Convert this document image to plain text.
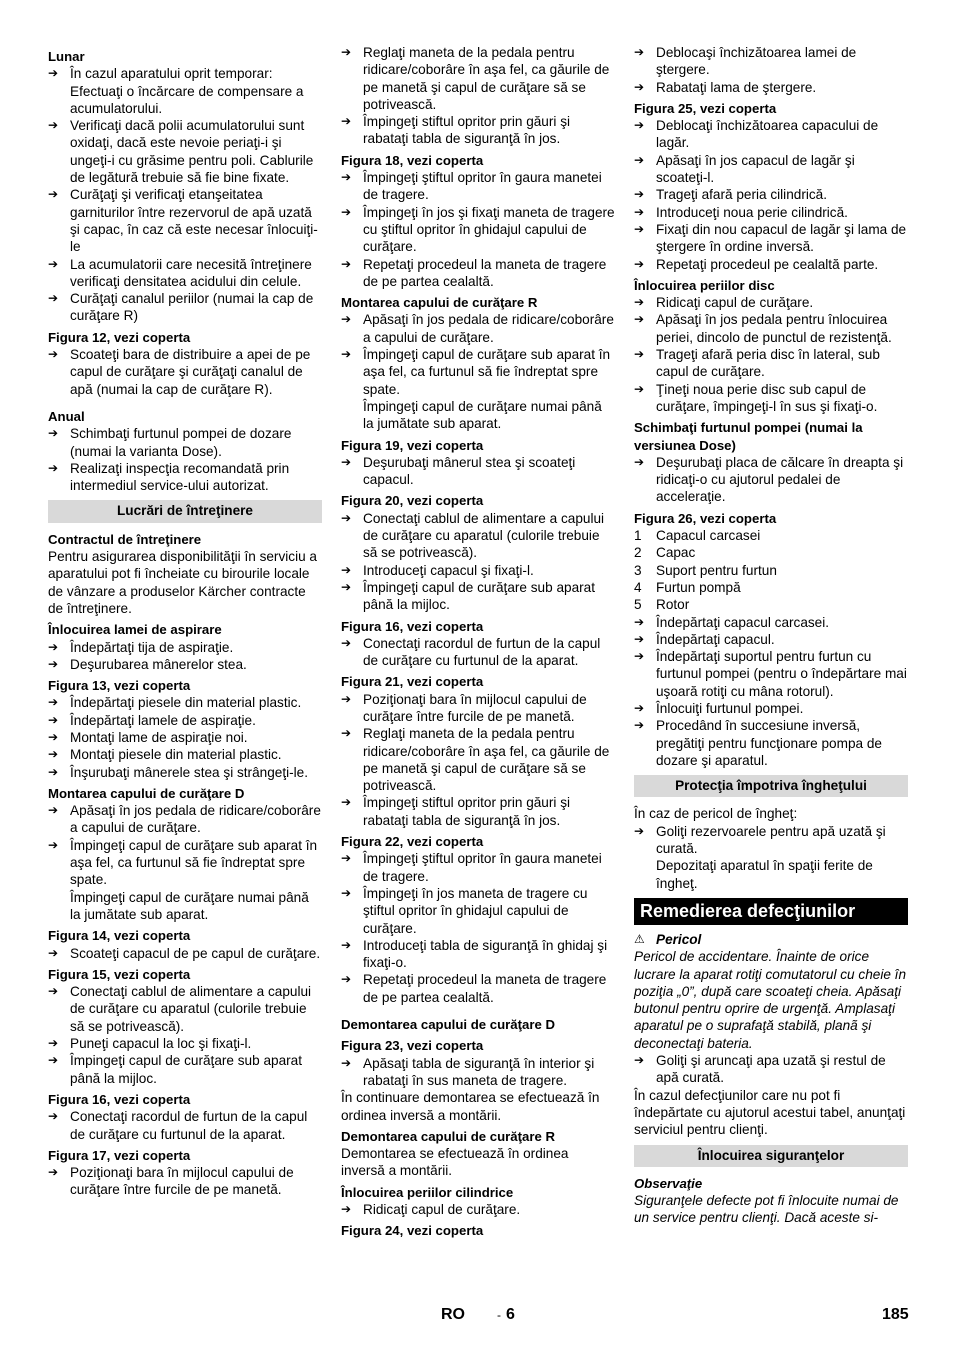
Lunar
➔ În cazul aparatului oprit temporar: Efectuaţi o încărcare de compensare a acumulatorului.
➔ Verificaţi dacă polii acumulatorului sunt oxidaţi, dacă este nevoie periaţi-i şi ungeţi-i cu grăsime pentru poli. Cablurile de legătură trebuie să fie bine fixate.
➔ Curăţaţi şi verificaţi etanşeitatea garniturilor între rezervorul de apă uzată şi capac, în caz că este necesar înlocuiţi-le
➔ La acumulatorii care necesită întreţinere verificaţi densitatea acidului din celule.
➔ Curăţaţi canalul periilor (numai la cap de curăţare R)
Figura 12, vezi coperta
➔ Scoateţi bara de distribuire a apei de pe capul de curăţare şi curăţaţi canalul de apă (numai la cap de curăţare R).
Anual
➔ Schimbaţi furtunul pompei de dozare (numai la varianta Dose).
➔ Realizaţi inspecţia recomandată prin intermediul service-ului autorizat.
Lucrări de întreţinere
Contractul de întreţinere
Pentru asigurarea disponibilităţii în serviciu a aparatului pot fi încheiate cu birourile locale de vânzare a produselor Kärcher contracte de întreţinere.
Înlocuirea lamei de aspirare
➔ Îndepărtaţi tija de aspiraţie.
➔ Deşurubarea mânerelor stea.
Figura 13, vezi coperta
➔ Îndepărtaţi piesele din material plastic.
➔ Îndepărtaţi lamele de aspiraţie.
➔ Montaţi lame de aspiraţie noi.
➔ Montaţi piesele din material plastic.
➔ Înşurubaţi mânerele stea şi strângeţi-le.
Montarea capului de curăţare D
➔ Apăsaţi în jos pedala de ridicare/coborâre a capului de curăţare.
➔ Împingeţi capul de curăţare sub aparat în aşa fel, ca furtunul să fie îndreptat spre spate.
Împingeţi capul de curăţare numai până la jumătate sub aparat.
Figura 14, vezi coperta
➔ Scoateţi capacul de pe capul de curăţare.
Figura 15, vezi coperta
➔ Conectaţi cablul de alimentare a capului de curăţare cu aparatul (culorile trebuie să se potrivească).
➔ Puneţi capacul la loc şi fixaţi-l.
➔ Împingeţi capul de curăţare sub aparat până la mijloc.
Figura 16, vezi coperta
➔ Conectaţi racordul de furtun de la capul de curăţare cu furtunul de la aparat.
Figura 17, vezi coperta
➔ Poziţionaţi bara în mijlocul capului de curăţare între furcile de pe manetă.
➔ Reglaţi maneta de la pedala pentru ridicare/coborâre în aşa fel, ca găurile de pe manetă şi capul de curăţare să se potrivească.
➔ Împingeţi stiftul opritor prin găuri şi rabataţi tabla de siguranţă în jos.
Figura 18, vezi coperta
➔ Împingeţi ştiftul opritor în gaura manetei de tragere.
➔ Împingeţi în jos şi fixaţi maneta de tragere cu ştiftul opritor în ghidajul capului de curăţare.
➔ Repetaţi procedeul la maneta de tragere de pe partea cealaltă.
Montarea capului de curăţare R
➔ Apăsaţi în jos pedala de ridicare/coborâre a capului de curăţare.
➔ Împingeţi capul de curăţare sub aparat în aşa fel, ca furtunul să fie îndreptat spre spate.
Împingeţi capul de curăţare numai până la jumătate sub aparat.
Figura 19, vezi coperta
➔ Deşurubaţi mânerul stea şi scoateţi capacul.
Figura 20, vezi coperta
➔ Conectaţi cablul de alimentare a capului de curăţare cu aparatul (culorile trebuie să se potrivească).
➔ Introduceţi capacul şi fixaţi-l.
➔ Împingeţi capul de curăţare sub aparat până la mijloc.
Figura 16, vezi coperta
➔ Conectaţi racordul de furtun de la capul de curăţare cu furtunul de la aparat.
Figura 21, vezi coperta
➔ Poziţionaţi bara în mijlocul capului de curăţare între furcile de pe manetă.
➔ Reglaţi maneta de la pedala pentru ridicare/coborâre în aşa fel, ca găurile de pe manetă şi capul de curăţare să se potrivească.
➔ Împingeţi stiftul opritor prin găuri şi rabataţi tabla de siguranţă în jos.
Figura 22, vezi coperta
➔ Împingeţi ştiftul opritor în gaura manetei de tragere.
➔ Împingeţi în jos maneta de tragere cu ştiftul opritor în ghidajul capului de curăţare.
➔ Introduceţi tabla de siguranţă în ghidaj şi fixaţi-o.
➔ Repetaţi procedeul la maneta de tragere de pe partea cealaltă.
Demontarea capului de curăţare D
Figura 23, vezi coperta
➔ Apăsaţi tabla de siguranţă în interior şi rabataţi în sus maneta de tragere.
În continuare demontarea se efectuează în ordinea inversă a montării.
Demontarea capului de curăţare R
Demontarea se efectuează în ordinea inversă a montării.
Înlocuirea periilor cilindrice
➔ Ridicaţi capul de curăţare.
Figura 24, vezi coperta
➔ Deblocaşi închizătoarea lamei de ştergere.
➔ Rabataţi lama de ştergere.
Figura 25, vezi coperta
➔ Deblocaţi închizătoarea capacului de lagăr.
➔ Apăsaţi în jos capacul de lagăr şi scoateţi-l.
➔ Trageţi afară peria cilindrică.
➔ Introduceţi noua perie cilindrică.
➔ Fixaţi din nou capacul de lagăr şi lama de ştergere în ordine inversă.
➔ Repetaţi procedeul pe cealaltă parte.
Înlocuirea periilor disc
➔ Ridicaţi capul de curăţare.
➔ Apăsaţi în jos pedala pentru înlocuirea periei, dincolo de punctul de rezistenţă.
➔ Trageţi afară peria disc în lateral, sub capul de curăţare.
➔ Ţineţi noua perie disc sub capul de curăţare, împingeţi-l în sus şi fixaţi-o.
Schimbaţi furtunul pompei (numai la versiunea Dose)
➔ Deşurubaţi placa de călcare în dreapta şi ridicaţi-o cu ajutorul pedalei de acceleraţie.
Figura 26, vezi coperta
1	Capacul carcasei
2	Capac
3	Suport pentru furtun
4	Furtun pompă
5	Rotor
➔ Îndepărtaţi capacul carcasei.
➔ Îndepărtaţi capacul.
➔ Îndepărtaţi suportul pentru furtun cu furtunul pompei (pentru o îndepărtare mai uşoară rotiţi cu mâna rotorul).
➔ Înlocuiţi furtunul pompei.
➔ Procedând în succesiune inversă, pregătiţi pentru funcţionare pompa de dozare şi aparatul.
Protecţia împotriva îngheţului
În caz de pericol de îngheţ:
➔ Goliţi rezervoarele pentru apă uzată şi curată.
Depozitaţi aparatul în spaţii ferite de îngheţ.
Remedierea defecţiunilor
⚠ Pericol
Pericol de accidentare. Înainte de orice lucrare la aparat rotiţi comutatorul cu cheie în poziţia „0”, după care scoateţi cheia. Apăsaţi butonul pentru oprire de urgenţă. Amplasaţi aparatul pe o suprafaţă stabilă, planã şi deconectaţi bateria.
➔ Goliţi şi aruncaţi apa uzată şi restul de apă curată.
În cazul defecţiunilor care nu pot fi îndepărtate cu ajutorul acestui tabel, anunţaţi serviciul pentru clienţi.
Înlocuirea siguranţelor
Observaţie
Siguranţele defecte pot fi înlocuite numai de un service pentru clienţi. Dacă aceste si-
RO	- 6	185
